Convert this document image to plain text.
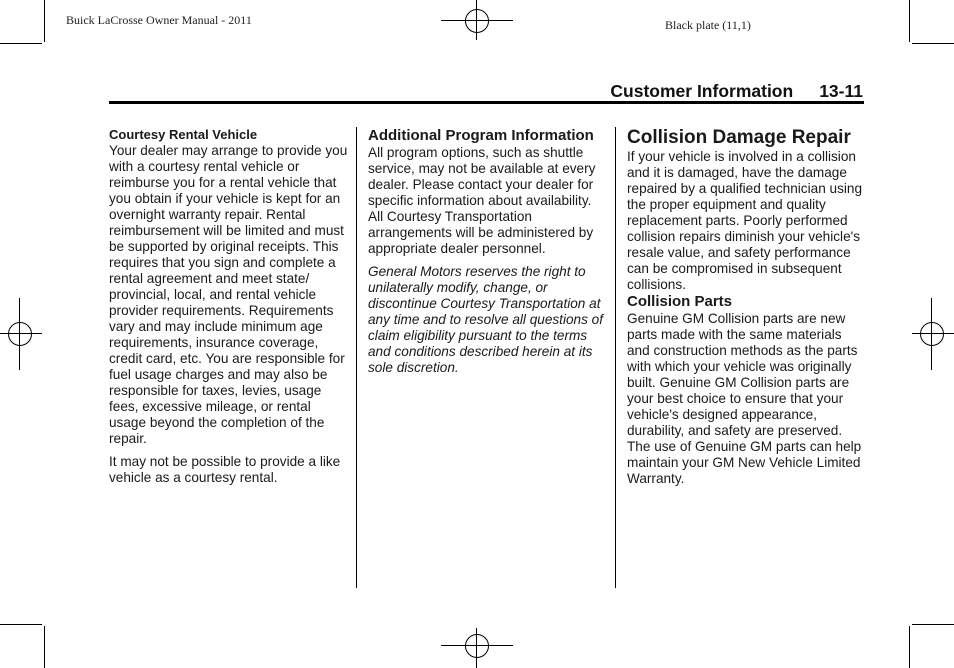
Buick LaCrosse Owner Manual - 2011	Black plate (11,1)
Customer Information 13-11

Courtesy Rental Vehicle

Your dealer may arrange to provide you with a courtesy rental vehicle or reimburse you for a rental vehicle that you obtain if your vehicle is kept for an overnight warranty repair. Rental reimbursement will be limited and must be supported by original receipts. This requires that you sign and complete a rental agreement and meet state/ provincial, local, and rental vehicle provider requirements. Requirements vary and may include minimum age requirements, insurance coverage, credit card, etc. You are responsible for fuel usage charges and may also be responsible for taxes, levies, usage fees, excessive mileage, or rental usage beyond the completion of the repair.

It may not be possible to provide a like vehicle as a courtesy rental.

Additional Program Information

All program options, such as shuttle service, may not be available at every dealer. Please contact your dealer for specific information about availability. All Courtesy Transportation arrangements will be administered by appropriate dealer personnel.

General Motors reserves the right to unilaterally modify, change, or discontinue Courtesy Transportation at any time and to resolve all questions of claim eligibility pursuant to the terms and conditions described herein at its sole discretion.

Collision Damage Repair

If your vehicle is involved in a collision and it is damaged, have the damage repaired by a qualified technician using the proper equipment and quality replacement parts. Poorly performed collision repairs diminish your vehicle's resale value, and safety performance can be compromised in subsequent collisions.

Collision Parts

Genuine GM Collision parts are new parts made with the same materials and construction methods as the parts with which your vehicle was originally built. Genuine GM Collision parts are your best choice to ensure that your vehicle's designed appearance, durability, and safety are preserved. The use of Genuine GM parts can help maintain your GM New Vehicle Limited Warranty.
